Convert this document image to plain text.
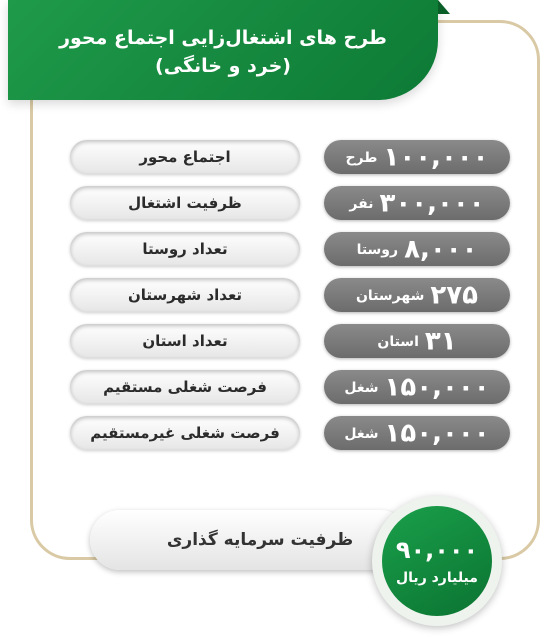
طرح های اشتغال‌زایی اجتماع محور
(خرد و خانگی)
۱۰۰,۰۰۰طرح
اجتماع محور
۳۰۰,۰۰۰نفر
ظرفیت اشتغال
۸,۰۰۰روستا
تعداد روستا
۲۷۵شهرستان
تعداد شهرستان
۳۱استان
تعداد استان
۱۵۰,۰۰۰شغل
فرصت شغلی مستقیم
۱۵۰,۰۰۰شغل
فرصت شغلی غیرمستقیم
ظرفیت سرمایه گذاری	۹۰,۰۰۰
میلیارد ریال
